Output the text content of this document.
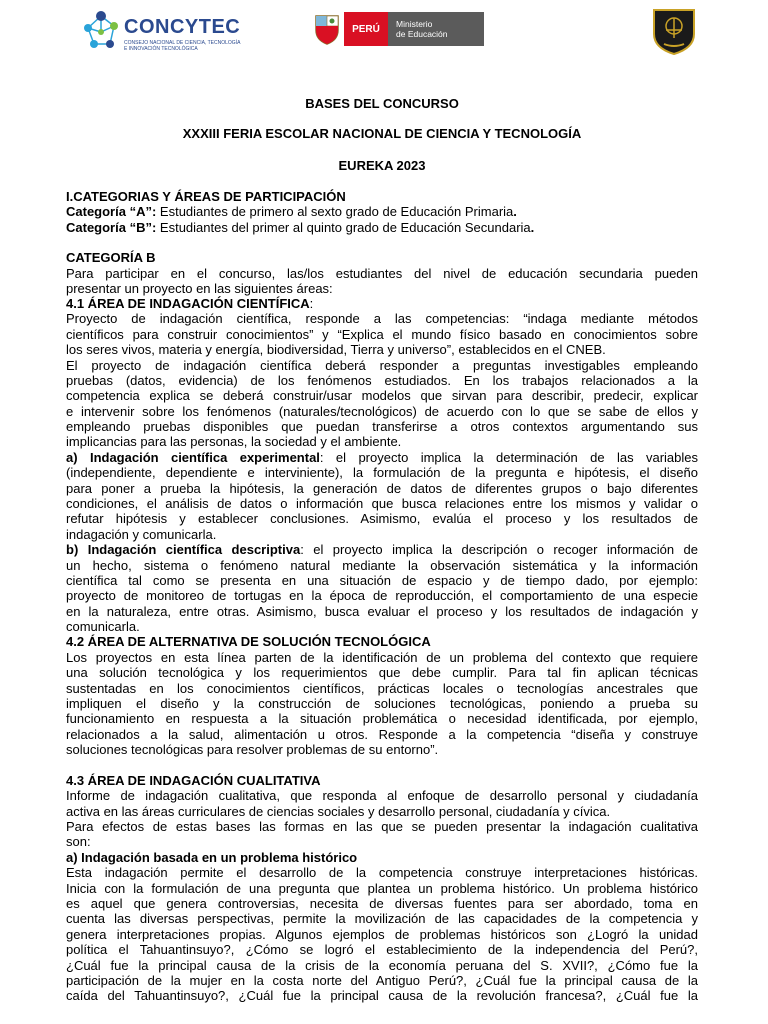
CONCYTEC
CONSEJO NACIONAL DE CIENCIA, TECNOLOGÍA E INNOVACIÓN TECNOLÓGICA
PERÚ	Ministerio
de Educación
BASES DEL CONCURSO
XXXIII FERIA ESCOLAR NACIONAL DE CIENCIA Y TECNOLOGÍA
EUREKA 2023
I.CATEGORIAS Y ÁREAS DE PARTICIPACIÓN
Categoría “A”: Estudiantes de primero al sexto grado de Educación Primaria.
Categoría “B”: Estudiantes del primer al quinto grado de Educación Secundaria.
CATEGORÍA B
Para participar en el concurso, las/los estudiantes del nivel de educación secundaria pueden
presentar un proyecto en las siguientes áreas:
4.1 ÁREA DE INDAGACIÓN CIENTÍFICA:
Proyecto de indagación científica, responde a las competencias: “indaga mediante métodos
científicos para construir conocimientos” y “Explica el mundo físico basado en conocimientos sobre
los seres vivos, materia y energía, biodiversidad, Tierra y universo”, establecidos en el CNEB.
El proyecto de indagación científica deberá responder a preguntas investigables empleando
pruebas (datos, evidencia) de los fenómenos estudiados. En los trabajos relacionados a la
competencia explica se deberá construir/usar modelos que sirvan para describir, predecir, explicar
e intervenir sobre los fenómenos (naturales/tecnológicos) de acuerdo con lo que se sabe de ellos y
empleando pruebas disponibles que puedan transferirse a otros contextos argumentando sus
implicancias para las personas, la sociedad y el ambiente.
a) Indagación científica experimental: el proyecto implica la determinación de las variables
(independiente, dependiente e interviniente), la formulación de la pregunta e hipótesis, el diseño
para poner a prueba la hipótesis, la generación de datos de diferentes grupos o bajo diferentes
condiciones, el análisis de datos o información que busca relaciones entre los mismos y validar o
refutar hipótesis y establecer conclusiones. Asimismo, evalúa el proceso y los resultados de
indagación y comunicarla.
b) Indagación científica descriptiva: el proyecto implica la descripción o recoger información de
un hecho, sistema o fenómeno natural mediante la observación sistemática y la información
científica tal como se presenta en una situación de espacio y de tiempo dado, por ejemplo:
proyecto de monitoreo de tortugas en la época de reproducción, el comportamiento de una especie
en la naturaleza, entre otras. Asimismo, busca evaluar el proceso y los resultados de indagación y
comunicarla.
4.2 ÁREA DE ALTERNATIVA DE SOLUCIÓN TECNOLÓGICA
Los proyectos en esta línea parten de la identificación de un problema del contexto que requiere
una solución tecnológica y los requerimientos que debe cumplir. Para tal fin aplican técnicas
sustentadas en los conocimientos científicos, prácticas locales o tecnologías ancestrales que
impliquen el diseño y la construcción de soluciones tecnológicas, poniendo a prueba su
funcionamiento en respuesta a la situación problemática o necesidad identificada, por ejemplo,
relacionados a la salud, alimentación u otros. Responde a la competencia “diseña y construye
soluciones tecnológicas para resolver problemas de su entorno”.
4.3 ÁREA DE INDAGACIÓN CUALITATIVA
Informe de indagación cualitativa, que responda al enfoque de desarrollo personal y ciudadanía
activa en las áreas curriculares de ciencias sociales y desarrollo personal, ciudadanía y cívica.
Para efectos de estas bases las formas en las que se pueden presentar la indagación cualitativa
son:
a) Indagación basada en un problema histórico
Esta indagación permite el desarrollo de la competencia construye interpretaciones históricas.
Inicia con la formulación de una pregunta que plantea un problema histórico. Un problema histórico
es aquel que genera controversias, necesita de diversas fuentes para ser abordado, toma en
cuenta las diversas perspectivas, permite la movilización de las capacidades de la competencia y
genera interpretaciones propias. Algunos ejemplos de problemas históricos son ¿Logró la unidad
política el Tahuantinsuyo?, ¿Cómo se logró el establecimiento de la independencia del Perú?,
¿Cuál fue la principal causa de la crisis de la economía peruana del S. XVII?, ¿Cómo fue la
participación de la mujer en la costa norte del Antiguo Perú?, ¿Cuál fue la principal causa de la
caída del Tahuantinsuyo?, ¿Cuál fue la principal causa de la revolución francesa?, ¿Cuál fue la
